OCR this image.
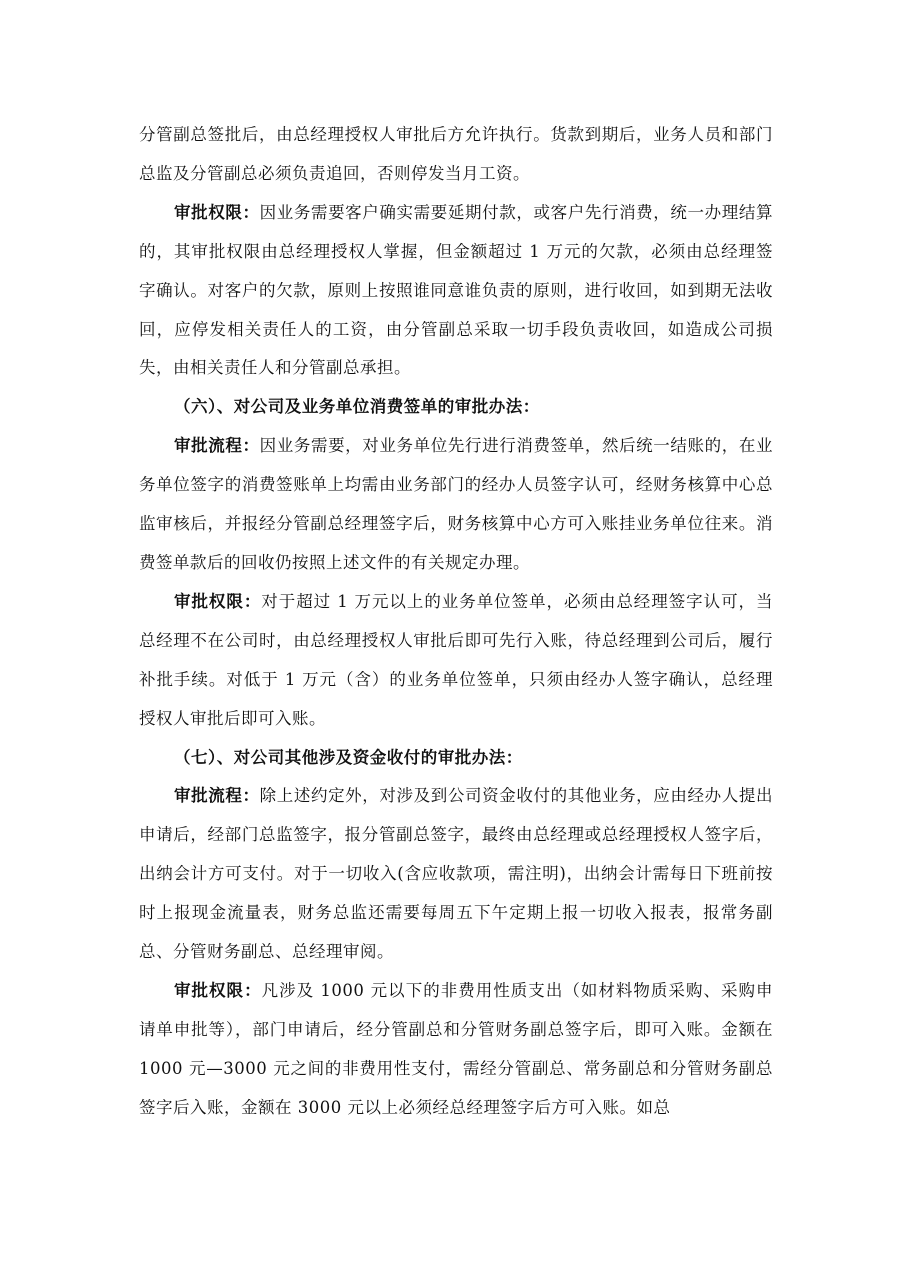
分管副总签批后，由总经理授权人审批后方允许执行。货款到期后，业务人员和部门总监及分管副总必须负责追回，否则停发当月工资。

审批权限：因业务需要客户确实需要延期付款，或客户先行消费，统一办理结算的，其审批权限由总经理授权人掌握，但金额超过 1 万元的欠款，必须由总经理签字确认。对客户的欠款，原则上按照谁同意谁负责的原则，进行收回，如到期无法收回，应停发相关责任人的工资，由分管副总采取一切手段负责收回，如造成公司损失，由相关责任人和分管副总承担。

（六）、对公司及业务单位消费签单的审批办法：

审批流程：因业务需要，对业务单位先行进行消费签单，然后统一结账的，在业务单位签字的消费签账单上均需由业务部门的经办人员签字认可，经财务核算中心总监审核后，并报经分管副总经理签字后，财务核算中心方可入账挂业务单位往来。消费签单款后的回收仍按照上述文件的有关规定办理。

审批权限：对于超过 1 万元以上的业务单位签单，必须由总经理签字认可，当总经理不在公司时，由总经理授权人审批后即可先行入账，待总经理到公司后，履行补批手续。对低于 1 万元（含）的业务单位签单，只须由经办人签字确认，总经理授权人审批后即可入账。

（七）、对公司其他涉及资金收付的审批办法：

审批流程：除上述约定外，对涉及到公司资金收付的其他业务，应由经办人提出申请后，经部门总监签字，报分管副总签字，最终由总经理或总经理授权人签字后，出纳会计方可支付。对于一切收入(含应收款项，需注明)，出纳会计需每日下班前按时上报现金流量表，财务总监还需要每周五下午定期上报一切收入报表，报常务副总、分管财务副总、总经理审阅。

审批权限：凡涉及 1000 元以下的非费用性质支出（如材料物质采购、采购申请单申批等），部门申请后，经分管副总和分管财务副总签字后，即可入账。金额在 1000 元—3000 元之间的非费用性支付，需经分管副总、常务副总和分管财务副总签字后入账，金额在 3000 元以上必须经总经理签字后方可入账。如总
